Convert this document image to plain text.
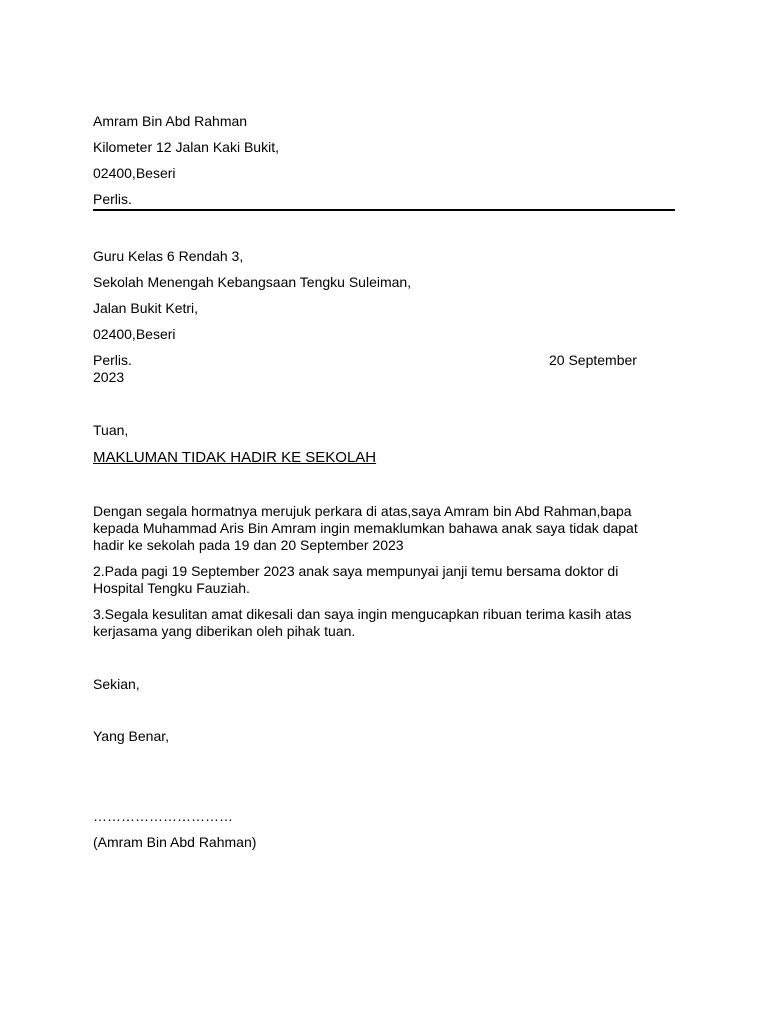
Amram Bin Abd Rahman
Kilometer 12 Jalan Kaki Bukit,
02400,Beseri
Perlis.
Guru Kelas 6 Rendah 3,
Sekolah Menengah Kebangsaan Tengku Suleiman,
Jalan Bukit Ketri,
02400,Beseri
Perlis.	20 September
2023
Tuan,
MAKLUMAN TIDAK HADIR KE SEKOLAH
Dengan segala hormatnya merujuk perkara di atas,saya Amram bin Abd Rahman,bapa
kepada Muhammad Aris Bin Amram ingin memaklumkan bahawa anak saya tidak dapat
hadir ke sekolah pada 19 dan 20 September 2023
2.Pada pagi 19 September 2023 anak saya mempunyai janji temu bersama doktor di
Hospital Tengku Fauziah.
3.Segala kesulitan amat dikesali dan saya ingin mengucapkan ribuan terima kasih atas
kerjasama yang diberikan oleh pihak tuan.
Sekian,
Yang Benar,
…………………………
(Amram Bin Abd Rahman)
